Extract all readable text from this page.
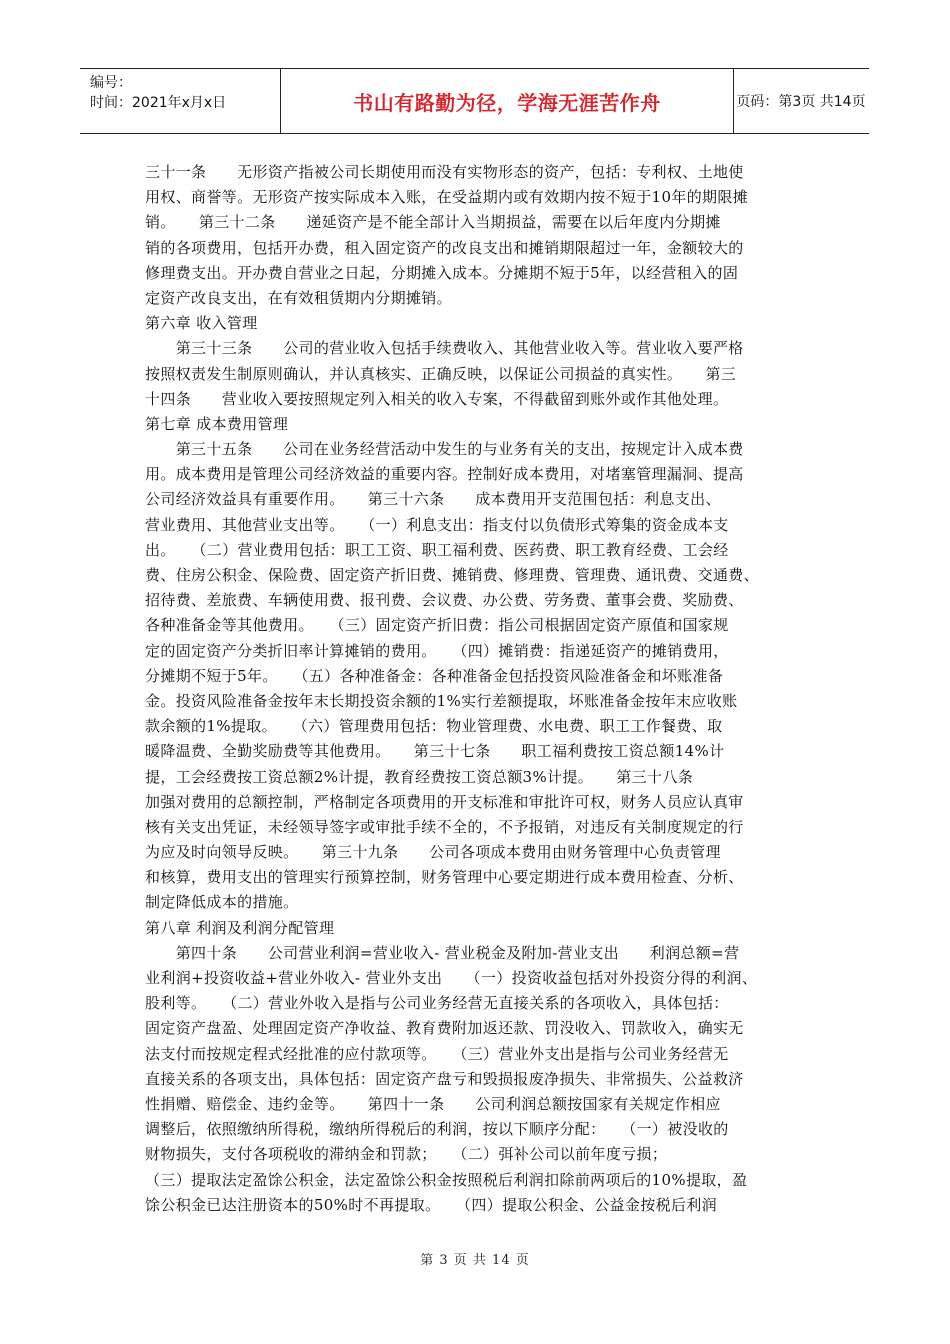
编号：
时间：2021年x月x日	书山有路勤为径，学海无涯苦作舟	页码：第3页 共14页
三十一条　　无形资产指被公司长期使用而没有实物形态的资产，包括：专利权、土地使
用权、商誉等。无形资产按实际成本入账，在受益期内或有效期内按不短于10年的期限摊
销。　　第三十二条　　递延资产是不能全部计入当期损益，需要在以后年度内分期摊
销的各项费用，包括开办费，租入固定资产的改良支出和摊销期限超过一年，金额较大的
修理费支出。开办费自营业之日起，分期摊入成本。分摊期不短于5年，以经营租入的固
定资产改良支出，在有效租赁期内分期摊销。
第六章 收入管理
　　第三十三条　　公司的营业收入包括手续费收入、其他营业收入等。营业收入要严格
按照权责发生制原则确认，并认真核实、正确反映，以保证公司损益的真实性。　　第三
十四条　　营业收入要按照规定列入相关的收入专案，不得截留到账外或作其他处理。
第七章 成本费用管理
　　第三十五条　　公司在业务经营活动中发生的与业务有关的支出，按规定计入成本费
用。成本费用是管理公司经济效益的重要内容。控制好成本费用，对堵塞管理漏洞、提高
公司经济效益具有重要作用。　　第三十六条　　成本费用开支范围包括：利息支出、
营业费用、其他营业支出等。　　（一）利息支出：指支付以负债形式筹集的资金成本支
出。　　（二）营业费用包括：职工工资、职工福利费、医药费、职工教育经费、工会经
费、住房公积金、保险费、固定资产折旧费、摊销费、修理费、管理费、通讯费、交通费、
招待费、差旅费、车辆使用费、报刊费、会议费、办公费、劳务费、董事会费、奖励费、
各种准备金等其他费用。　　（三）固定资产折旧费：指公司根据固定资产原值和国家规
定的固定资产分类折旧率计算摊销的费用。　　（四）摊销费：指递延资产的摊销费用，
分摊期不短于5年。　　（五）各种准备金：各种准备金包括投资风险准备金和坏账准备
金。投资风险准备金按年末长期投资余额的1%实行差额提取，坏账准备金按年末应收账
款余额的1%提取。　　（六）管理费用包括：物业管理费、水电费、职工工作餐费、取
暖降温费、全勤奖励费等其他费用。　　第三十七条　　职工福利费按工资总额14%计
提，工会经费按工资总额2%计提，教育经费按工资总额3%计提。　　第三十八条
加强对费用的总额控制，严格制定各项费用的开支标准和审批许可权，财务人员应认真审
核有关支出凭证，未经领导签字或审批手续不全的，不予报销，对违反有关制度规定的行
为应及时向领导反映。　　第三十九条　　公司各项成本费用由财务管理中心负责管理
和核算，费用支出的管理实行预算控制，财务管理中心要定期进行成本费用检查、分析、
制定降低成本的措施。
第八章 利润及利润分配管理
　　第四十条　　公司营业利润=营业收入- 营业税金及附加-营业支出　　利润总额=营
业利润+投资收益+营业外收入- 营业外支出　　（一）投资收益包括对外投资分得的利润、
股利等。　　（二）营业外收入是指与公司业务经营无直接关系的各项收入，具体包括：
固定资产盘盈、处理固定资产净收益、教育费附加返还款、罚没收入、罚款收入，确实无
法支付而按规定程式经批准的应付款项等。　　（三）营业外支出是指与公司业务经营无
直接关系的各项支出，具体包括：固定资产盘亏和毁损报废净损失、非常损失、公益救济
性捐赠、赔偿金、违约金等。　　第四十一条　　公司利润总额按国家有关规定作相应
调整后，依照缴纳所得税，缴纳所得税后的利润，按以下顺序分配：　　（一）被没收的
财物损失，支付各项税收的滞纳金和罚款；　　（二）弭补公司以前年度亏损；
（三）提取法定盈馀公积金，法定盈馀公积金按照税后利润扣除前两项后的10%提取，盈
馀公积金已达注册资本的50%时不再提取。　　（四）提取公积金、公益金按税后利润
第 3 页 共 14 页
